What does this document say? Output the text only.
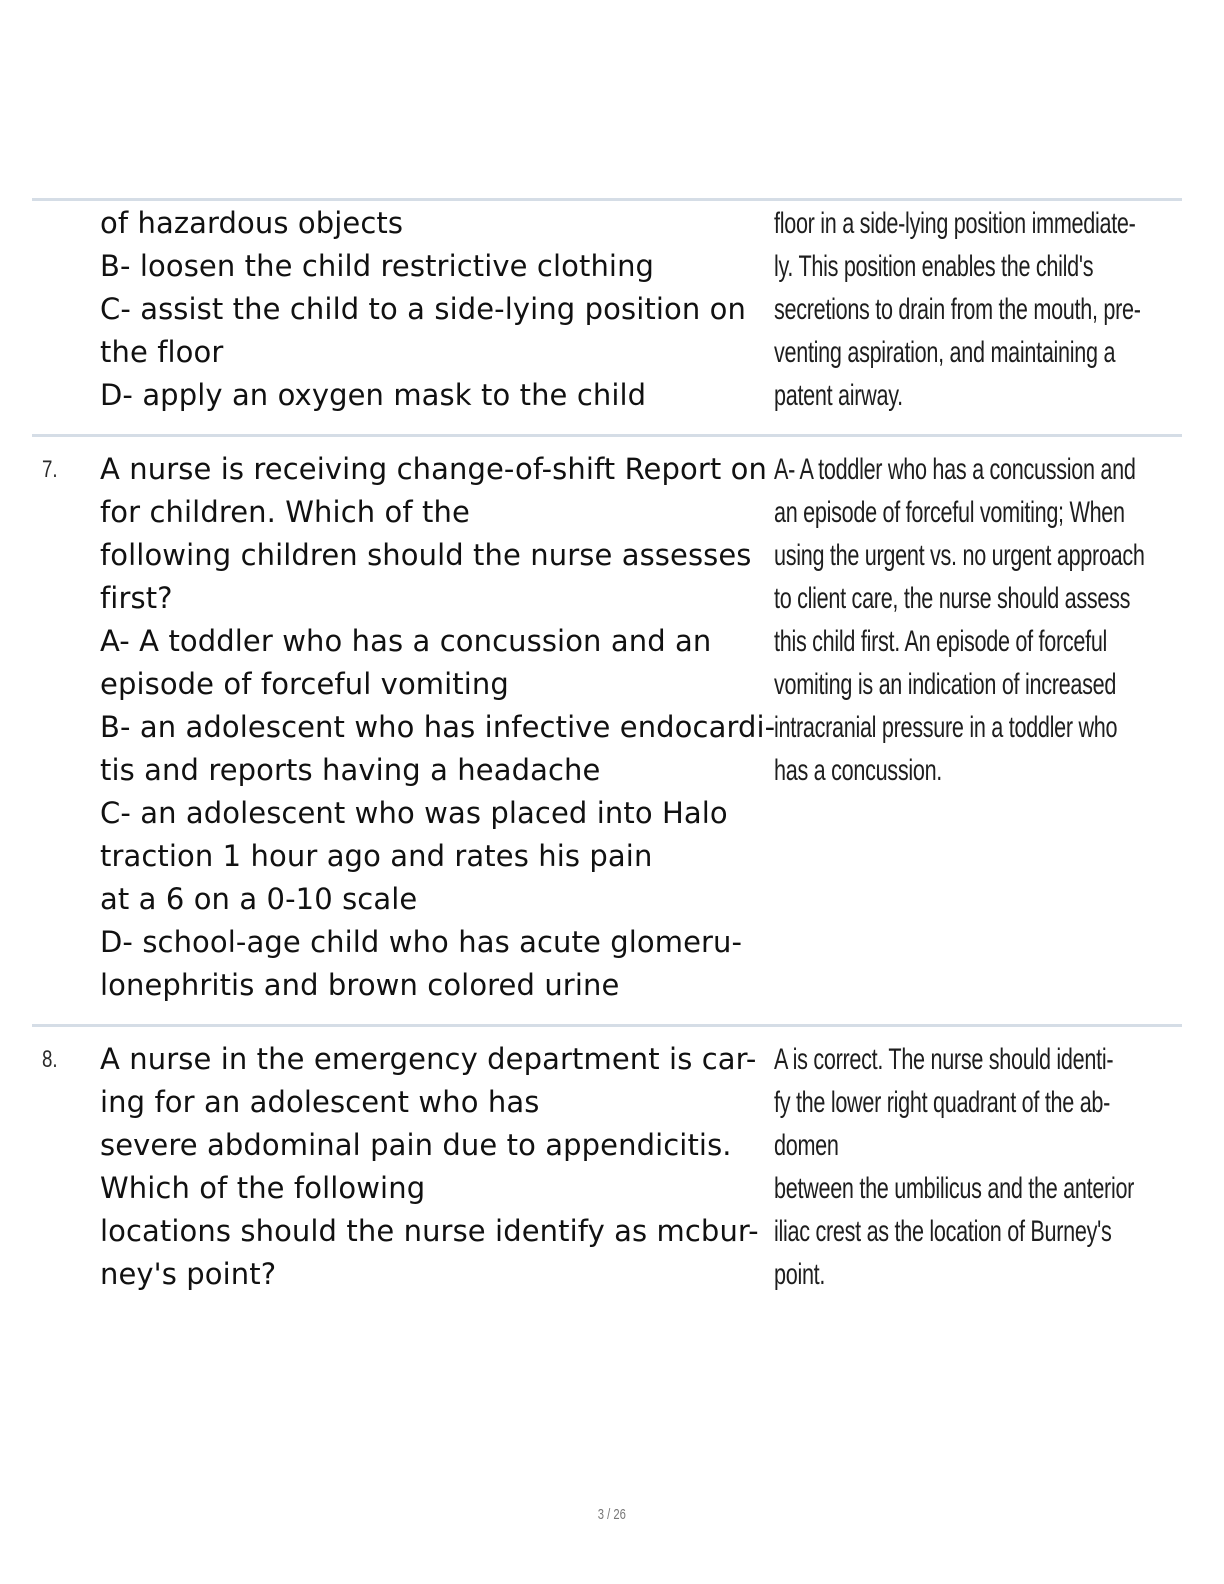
of hazardous objects
B- loosen the child restrictive clothing
C- assist the child to a side-lying position on
the floor
D- apply an oxygen mask to the child
floor in a side-lying position immediate-
ly. This position enables the child's
secretions to drain from the mouth, pre-
venting aspiration, and maintaining a
patent airway.
7.	A nurse is receiving change-of-shift Report on
for children. Which of the
following children should the nurse assesses
first?
A- A toddler who has a concussion and an
episode of forceful vomiting
B- an adolescent who has infective endocardi-
tis and reports having a headache
C- an adolescent who was placed into Halo
traction 1 hour ago and rates his pain
at a 6 on a 0-10 scale
D- school-age child who has acute glomeru-
lonephritis and brown colored urine
A- A toddler who has a concussion and
an episode of forceful vomiting; When
using the urgent vs. no urgent approach
to client care, the nurse should assess
this child first. An episode of forceful
vomiting is an indication of increased
intracranial pressure in a toddler who
has a concussion.
8.	A nurse in the emergency department is car-
ing for an adolescent who has
severe abdominal pain due to appendicitis.
Which of the following
locations should the nurse identify as mcbur-
ney's point?
A is correct. The nurse should identi-
fy the lower right quadrant of the ab-
domen
between the umbilicus and the anterior
iliac crest as the location of Burney's
point.
3 / 26
